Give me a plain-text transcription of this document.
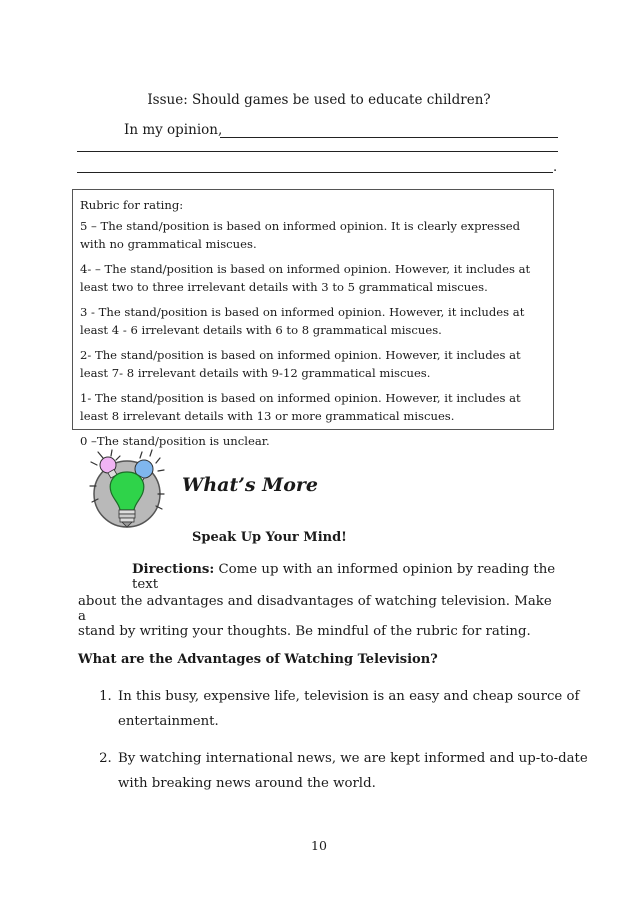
Issue: Should games be used to educate children?
In my opinion,
.

Rubric for rating:

5 – The stand/position is based on informed opinion. It is clearly expressed with no grammatical miscues.

4- – The stand/position is based on informed opinion. However, it includes at least two to three irrelevant details with 3 to 5 grammatical miscues.

3 - The stand/position is based on informed opinion. However, it includes at least 4 - 6 irrelevant details with 6 to 8 grammatical miscues.

2- The stand/position is based on informed opinion. However, it includes at least 7- 8 irrelevant details with 9-12 grammatical miscues.

1- The stand/position is based on informed opinion. However, it includes at least 8 irrelevant details with 13 or more grammatical miscues.

0 –The stand/position is unclear.

What’s More
Speak Up Your Mind!
Directions: Come up with an informed opinion by reading the text
about the advantages and disadvantages of watching television. Make a
stand by writing your thoughts. Be mindful of the rubric for rating.
What are the Advantages of Watching Television?
1. In this busy, expensive life, television is an easy and cheap source of entertainment.
2. By watching international news, we are kept informed and up-to-date with breaking news around the world.
10
